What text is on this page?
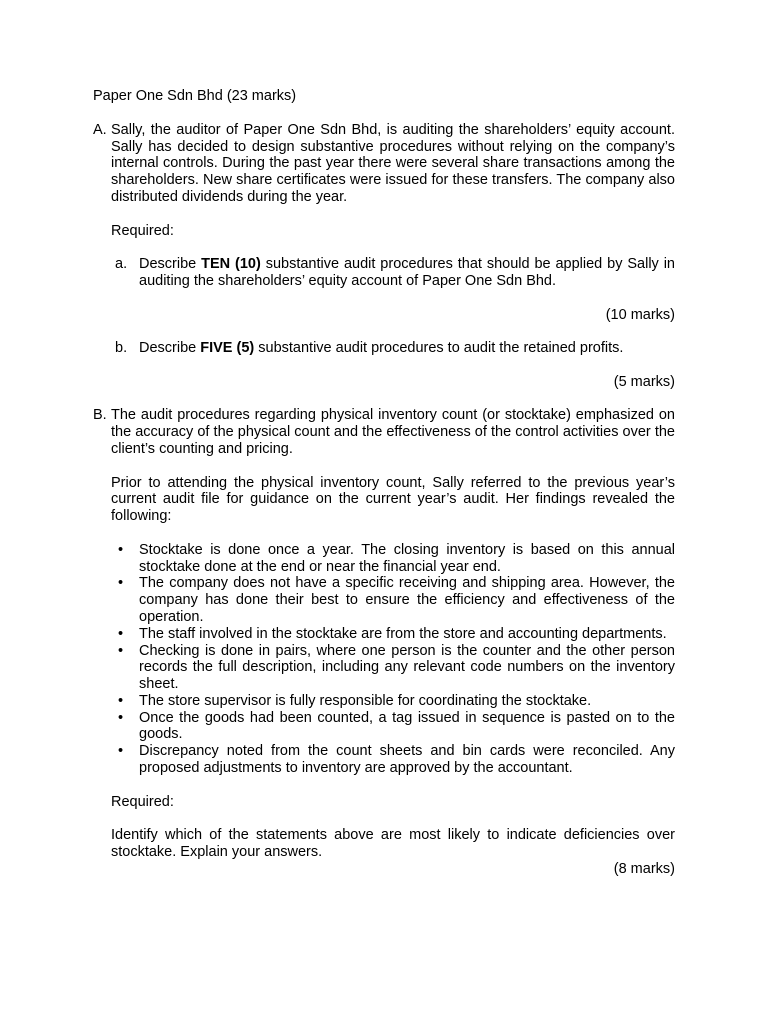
Paper One Sdn Bhd (23 marks)

A. Sally, the auditor of Paper One Sdn Bhd, is auditing the shareholders’ equity account. Sally has decided to design substantive procedures without relying on the company’s internal controls. During the past year there were several share transactions among the shareholders. New share certificates were issued for these transfers. The company also distributed dividends during the year.

Required:

a. Describe TEN (10) substantive audit procedures that should be applied by Sally in auditing the shareholders’ equity account of Paper One Sdn Bhd.

(10 marks)

b. Describe FIVE (5) substantive audit procedures to audit the retained profits.

(5 marks)

B. The audit procedures regarding physical inventory count (or stocktake) emphasized on the accuracy of the physical count and the effectiveness of the control activities over the client’s counting and pricing.

Prior to attending the physical inventory count, Sally referred to the previous year’s current audit file for guidance on the current year’s audit. Her findings revealed the following:

• Stocktake is done once a year. The closing inventory is based on this annual stocktake done at the end or near the financial year end.
• The company does not have a specific receiving and shipping area. However, the company has done their best to ensure the efficiency and effectiveness of the operation.
• The staff involved in the stocktake are from the store and accounting departments.
• Checking is done in pairs, where one person is the counter and the other person records the full description, including any relevant code numbers on the inventory sheet.
• The store supervisor is fully responsible for coordinating the stocktake.
• Once the goods had been counted, a tag issued in sequence is pasted on to the goods.
• Discrepancy noted from the count sheets and bin cards were reconciled. Any proposed adjustments to inventory are approved by the accountant.

Required:

Identify which of the statements above are most likely to indicate deficiencies over stocktake. Explain your answers.

(8 marks)
